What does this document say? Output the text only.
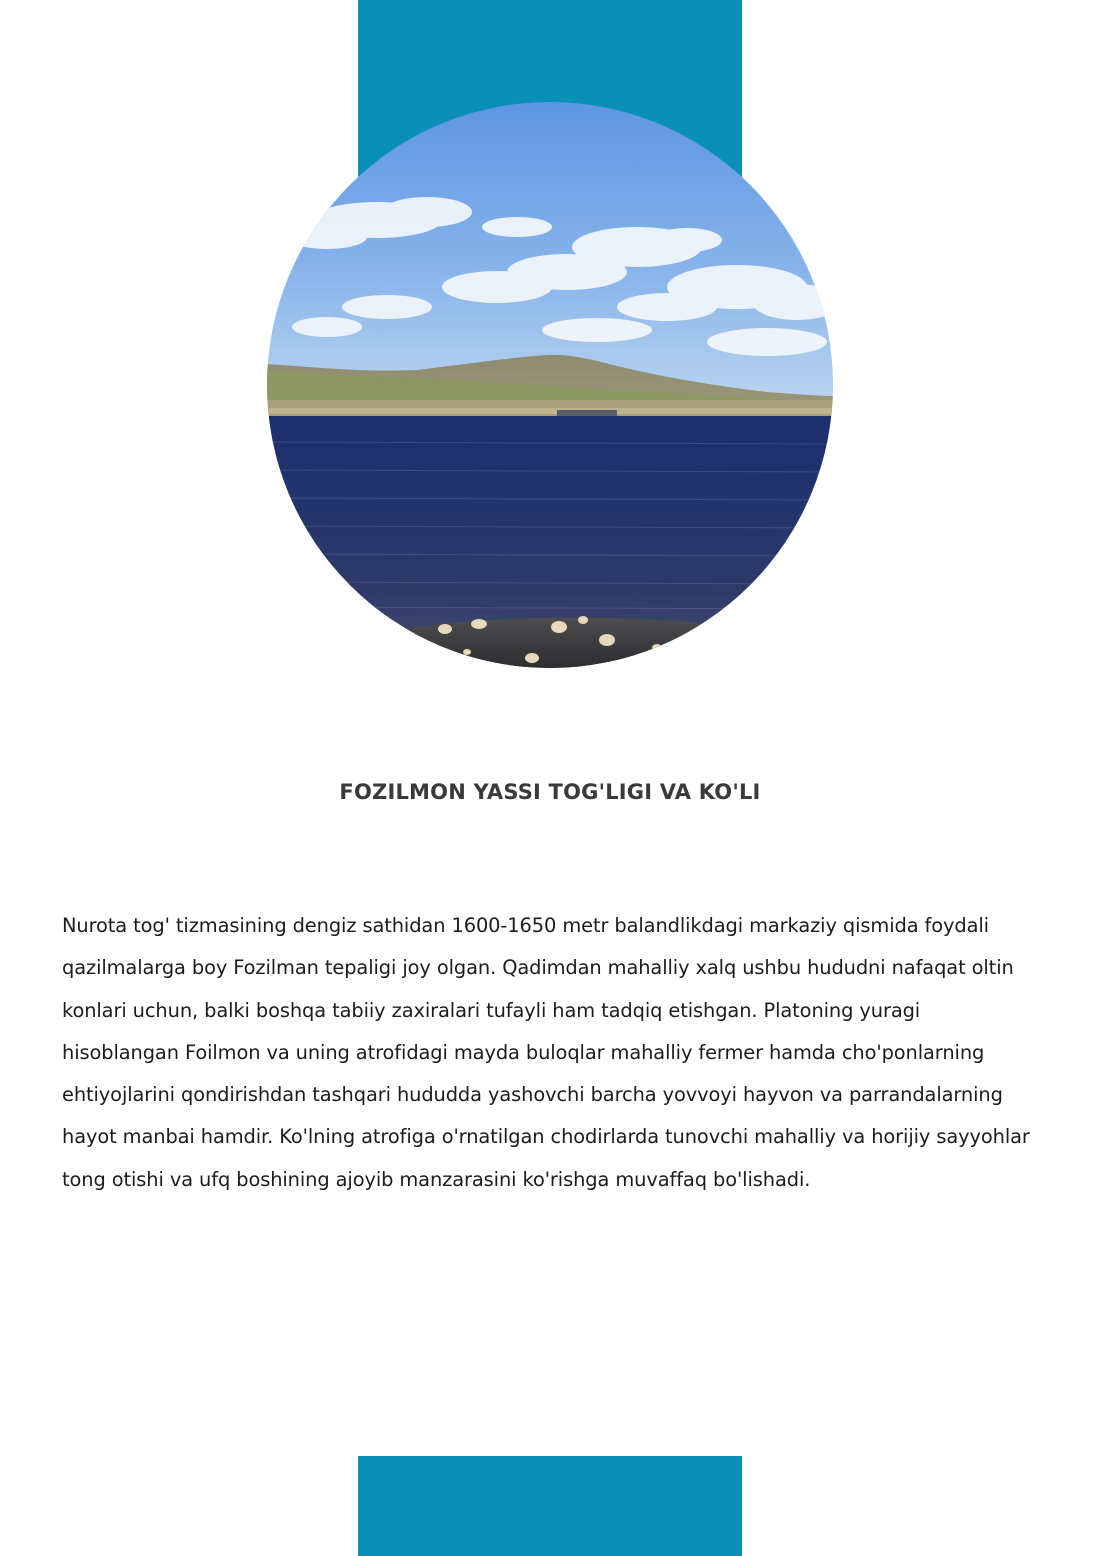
FOZILMON YASSI TOG'LIGI VA KO'LI

Nurota tog' tizmasining dengiz sathidan 1600-1650 metr balandlikdagi markaziy qismida foydali qazilmalarga boy Fozilman tepaligi joy olgan. Qadimdan mahalliy xalq ushbu hududni nafaqat oltin konlari uchun, balki boshqa tabiiy zaxiralari tufayli ham tadqiq etishgan. Platoning yuragi hisoblangan Foilmon va uning atrofidagi mayda buloqlar mahalliy fermer hamda cho'ponlarning ehtiyojlarini qondirishdan tashqari hududda yashovchi barcha yovvoyi hayvon va parrandalarning hayot manbai hamdir. Ko'lning atrofiga o'rnatilgan chodirlarda tunovchi mahalliy va horijiy sayyohlar tong otishi va ufq boshining ajoyib manzarasini ko'rishga muvaffaq bo'lishadi.
